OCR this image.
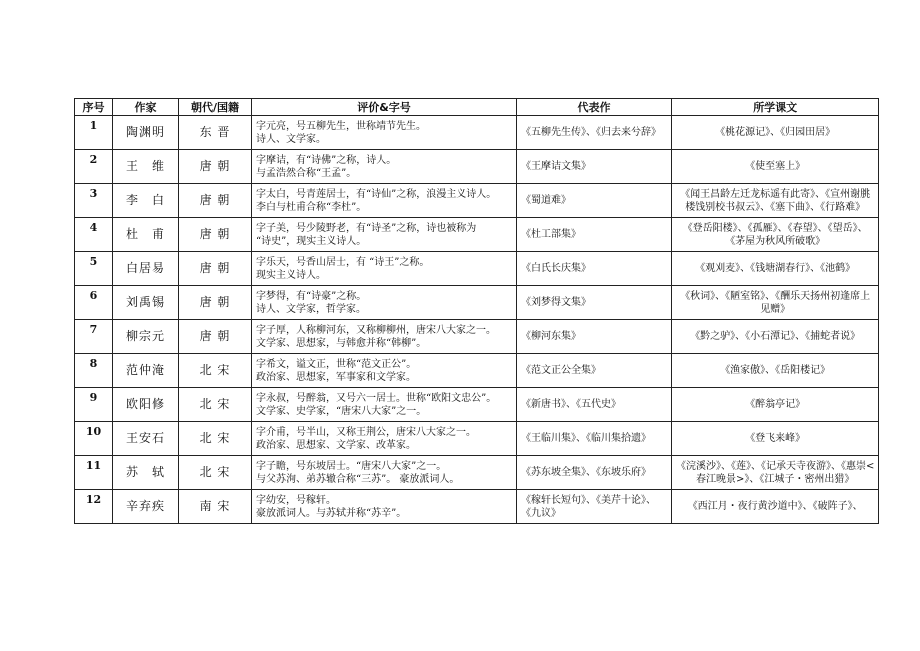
序号	作家	朝代/国籍	评价&字号	代表作	所学课文
1	陶渊明	东 晋	字元亮，号五柳先生，世称靖节先生。
诗人、文学家。	《五柳先生传》、《归去来兮辞》	《桃花源记》、《归园田居》

2	王　维	唐 朝	字摩诘，有“诗佛”之称，诗人。
与孟浩然合称“王孟”。	《王摩诘文集》	《使至塞上》

3	李　白	唐 朝	字太白，号青莲居士，有“诗仙”之称，浪漫主义诗人。
李白与杜甫合称“李杜”。	《蜀道难》	《闻王昌龄左迁龙标遥有此寄》、《宣州谢朓
楼饯别校书叔云》、《塞下曲》、《行路难》

4	杜　甫	唐 朝	字子美，号少陵野老，有“诗圣”之称，诗也被称为
“诗史”，现实主义诗人。	《杜工部集》	《登岳阳楼》、《孤雁》、《春望》、《望岳》、
《茅屋为秋风所破歌》

5	白居易	唐 朝	字乐天，号香山居士，有 “诗王”之称。
现实主义诗人。	《白氏长庆集》	《观刈麦》、《钱塘湖春行》、《池鹤》

6	刘禹锡	唐 朝	字梦得，有“诗豪”之称。
诗人、文学家，哲学家。	《刘梦得文集》	《秋词》、《陋室铭》、《酬乐天扬州初逢席上
见赠》

7	柳宗元	唐 朝	字子厚，人称柳河东，又称柳柳州，唐宋八大家之一。
文学家、思想家，与韩愈并称“韩柳”。	《柳河东集》	《黔之驴》、《小石潭记》、《捕蛇者说》

8	范仲淹	北 宋	字希文，谥文正，世称“范文正公”。
政治家、思想家，军事家和文学家。	《范文正公全集》	《渔家傲》、《岳阳楼记》

9	欧阳修	北 宋	字永叔，号醉翁，又号六一居士。世称“欧阳文忠公”。
文学家、史学家，“唐宋八大家”之一。	《新唐书》、《五代史》	《醉翁亭记》

10	王安石	北 宋	字介甫，号半山，又称王荆公，唐宋八大家之一。
政治家、思想家、文学家、改革家。	《王临川集》、《临川集拾遗》	《登飞来峰》

11	苏　轼	北 宋	字子瞻，号东坡居士。“唐宋八大家”之一。
与父苏洵、弟苏辙合称“三苏”。 豪放派词人。	《苏东坡全集》、《东坡乐府》	《浣溪沙》、《莲》、《记承天寺夜游》、《惠崇<
春江晚景>》、《江城子・密州出猎》

12	辛弃疾	南 宋	字幼安，号稼轩。
豪放派词人。与苏轼并称“苏辛”。	《稼轩长短句》、《美芹十论》、
《九议》	《西江月・夜行黄沙道中》、《破阵子》、
